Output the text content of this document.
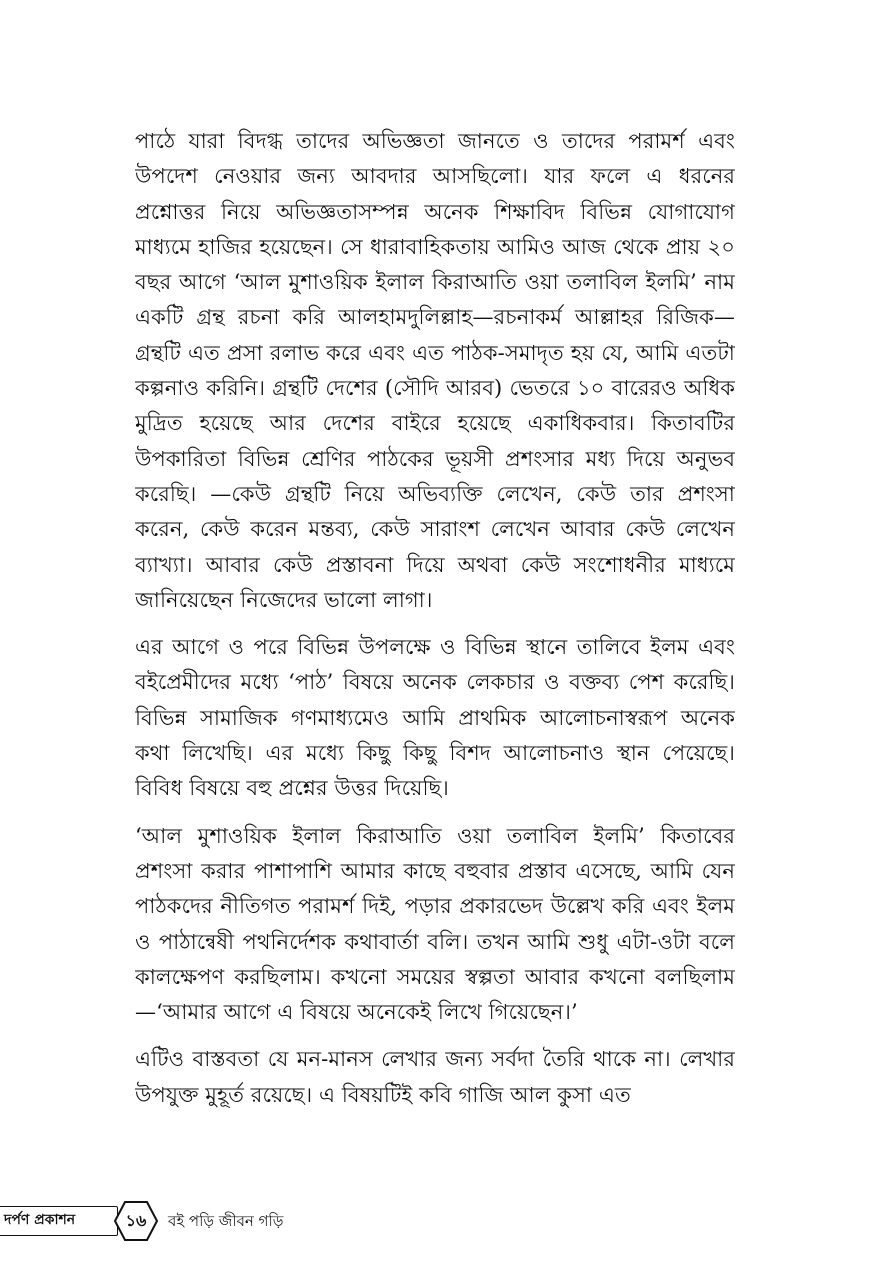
পাঠে যারা বিদগ্ধ তাদের অভিজ্ঞতা জানতে ও তাদের পরামর্শ এবং উপদেশ নেওয়ার জন্য আবদার আসছিলো। যার ফলে এ ধরনের প্রশ্নোত্তর নিয়ে অভিজ্ঞতাসম্পন্ন অনেক শিক্ষাবিদ বিভিন্ন যোগাযোগ মাধ্যমে হাজির হয়েছেন। সে ধারাবাহিকতায় আমিও আজ থেকে প্রায় ২০ বছর আগে ‘আল মুশাওয়িক ইলাল কিরাআতি ওয়া তলাবিল ইলমি’ নাম একটি গ্রন্থ রচনা করি আলহামদুলিল্লাহ—রচনাকর্ম আল্লাহর রিজিক—গ্রন্থটি এত প্রসা রলাভ করে এবং এত পাঠক-সমাদৃত হয় যে, আমি এতটা কল্পনাও করিনি। গ্রন্থটি দেশের (সৌদি আরব) ভেতরে ১০ বারেরও অধিক মুদ্রিত হয়েছে আর দেশের বাইরে হয়েছে একাধিকবার। কিতাবটির উপকারিতা বিভিন্ন শ্রেণির পাঠকের ভূয়সী প্রশংসার মধ্য দিয়ে অনুভব করেছি। —কেউ গ্রন্থটি নিয়ে অভিব্যক্তি লেখেন, কেউ তার প্রশংসা করেন, কেউ করেন মন্তব্য, কেউ সারাংশ লেখেন আবার কেউ লেখেন ব্যাখ্যা। আবার কেউ প্রস্তাবনা দিয়ে অথবা কেউ সংশোধনীর মাধ্যমে জানিয়েছেন নিজেদের ভালো লাগা।

এর আগে ও পরে বিভিন্ন উপলক্ষে ও বিভিন্ন স্থানে তালিবে ইলম এবং বইপ্রেমীদের মধ্যে ‘পাঠ’ বিষয়ে অনেক লেকচার ও বক্তব্য পেশ করেছি। বিভিন্ন সামাজিক গণমাধ্যমেও আমি প্রাথমিক আলোচনাস্বরূপ অনেক কথা লিখেছি। এর মধ্যে কিছু কিছু বিশদ আলোচনাও স্থান পেয়েছে। বিবিধ বিষয়ে বহু প্রশ্নের উত্তর দিয়েছি।

‘আল মুশাওয়িক ইলাল কিরাআতি ওয়া তলাবিল ইলমি’ কিতাবের প্রশংসা করার পাশাপাশি আমার কাছে বহুবার প্রস্তাব এসেছে, আমি যেন পাঠকদের নীতিগত পরামর্শ দিই, পড়ার প্রকারভেদ উল্লেখ করি এবং ইলম ও পাঠান্বেষী পথনির্দেশক কথাবার্তা বলি। তখন আমি শুধু এটা-ওটা বলে কালক্ষেপণ করছিলাম। কখনো সময়ের স্বল্পতা আবার কখনো বলছিলাম—‘আমার আগে এ বিষয়ে অনেকেই লিখে গিয়েছেন।’

এটিও বাস্তবতা যে মন-মানস লেখার জন্য সর্বদা তৈরি থাকে না। লেখার উপযুক্ত মুহূর্ত রয়েছে। এ বিষয়টিই কবি গাজি আল কুসা এত

দর্পণ প্রকাশন	১৬	বই পড়ি জীবন গড়ি
